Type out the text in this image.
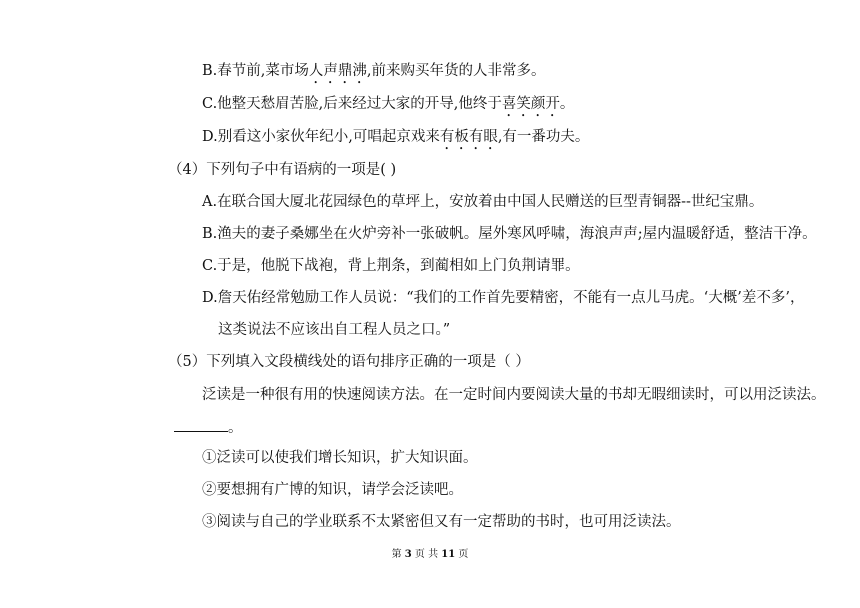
B.春节前,菜市场人声鼎沸,前来购买年货的人非常多。
C.他整天愁眉苦脸,后来经过大家的开导,他终于喜笑颜开。
D.别看这小家伙年纪小,可唱起京戏来有板有眼,有一番功夫。
（4）下列句子中有语病的一项是( )
A.在联合国大厦北花园绿色的草坪上，安放着由中国人民赠送的巨型青铜器--世纪宝鼎。
B.渔夫的妻子桑娜坐在火炉旁补一张破帆。屋外寒风呼啸，海浪声声;屋内温暖舒适，整洁干净。
C.于是，他脱下战袍，背上荆条，到蔺相如上门负荆请罪。
D.詹天佑经常勉励工作人员说：“我们的工作首先要精密，不能有一点儿马虎。‘大概’差不多’，
这类说法不应该出自工程人员之口。”
（5）下列填入文段横线处的语句排序正确的一项是（ ）
泛读是一种很有用的快速阅读方法。在一定时间内要阅读大量的书却无暇细读时，可以用泛读法。
。
①泛读可以使我们增长知识，扩大知识面。
②要想拥有广博的知识，请学会泛读吧。
③阅读与自己的学业联系不太紧密但又有一定帮助的书时，也可用泛读法。
第 3 页 共 11 页
